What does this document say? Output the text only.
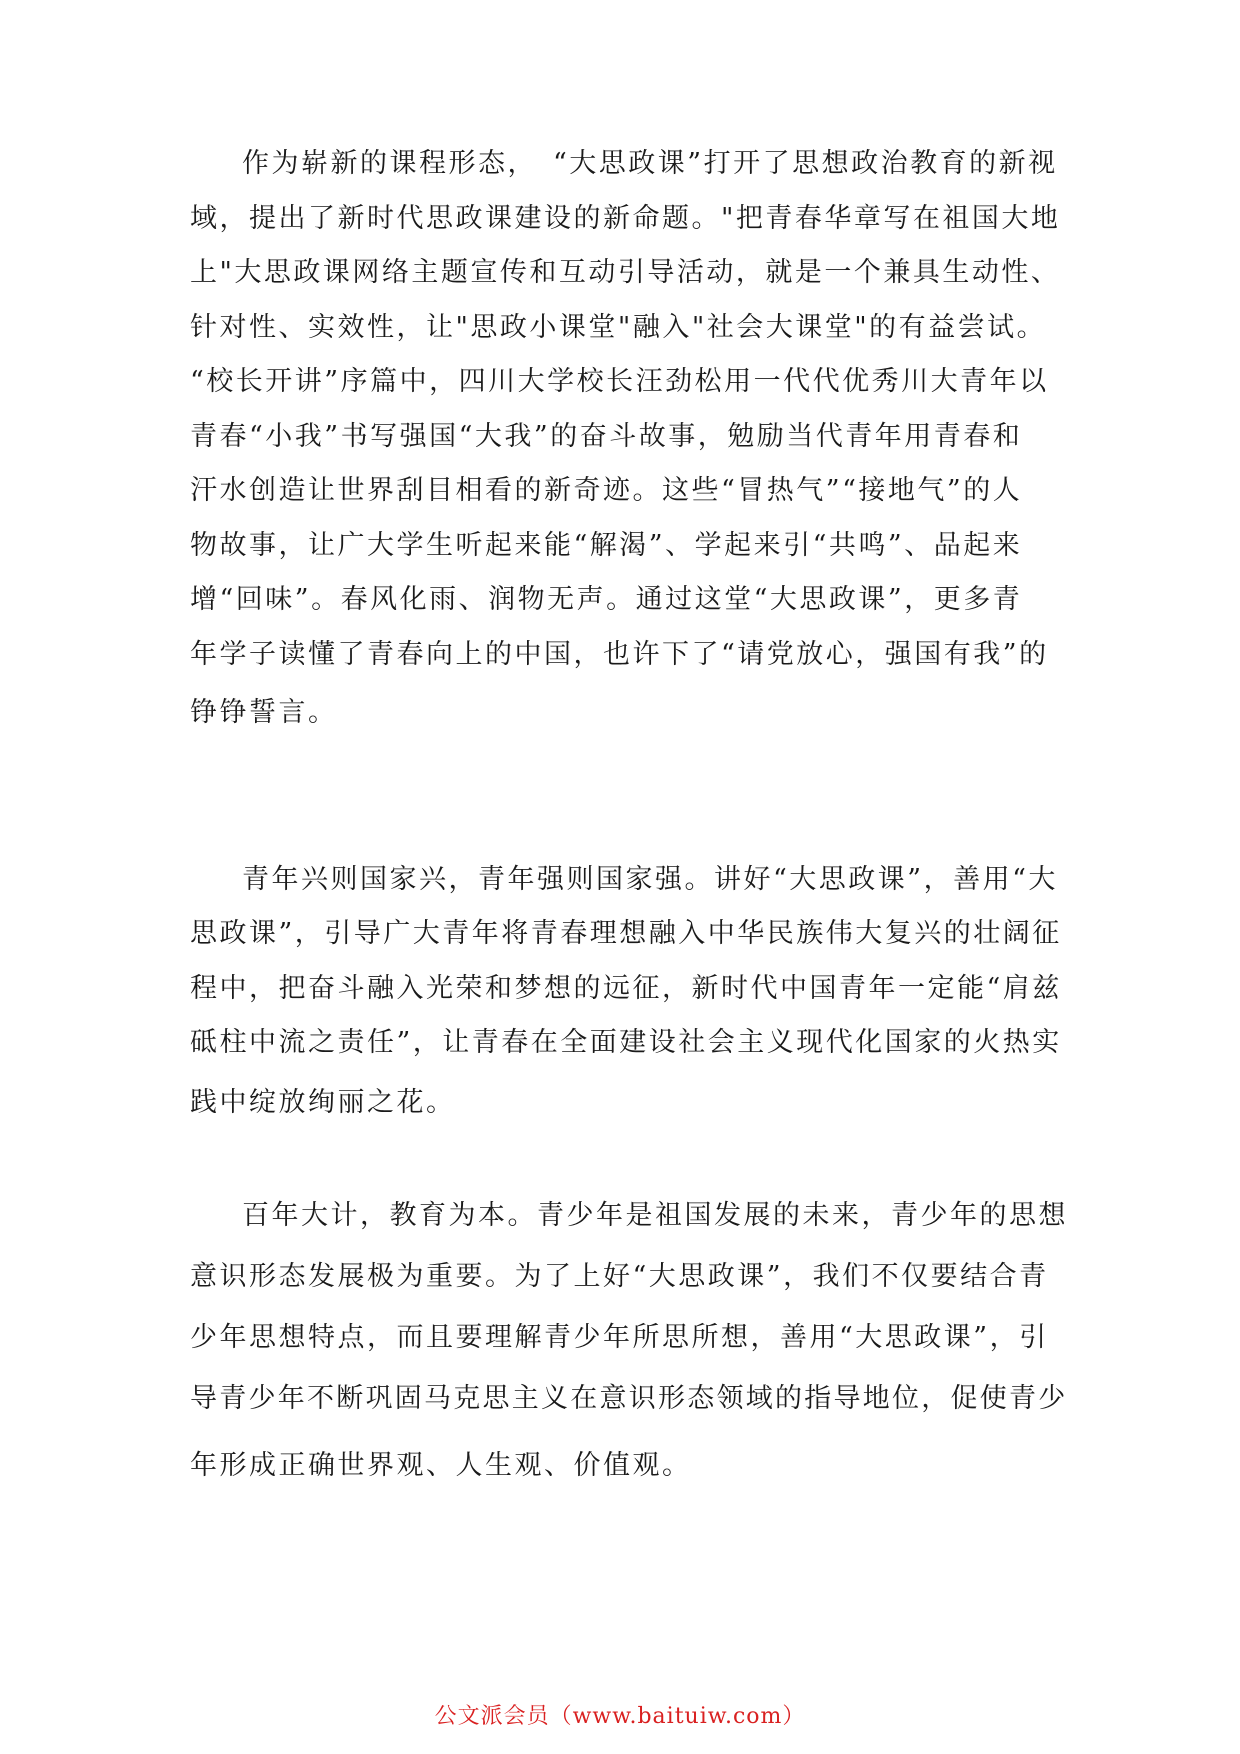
作为崭新的课程形态，　“大思政课”打开了思想政治教育的新视
域，提出了新时代思政课建设的新命题。"把青春华章写在祖国大地
上"大思政课网络主题宣传和互动引导活动，就是一个兼具生动性、
针对性、实效性，让"思政小课堂"融入"社会大课堂"的有益尝试。
“校长开讲”序篇中，四川大学校长汪劲松用一代代优秀川大青年以
青春“小我”书写强国“大我”的奋斗故事，勉励当代青年用青春和
汗水创造让世界刮目相看的新奇迹。这些“冒热气”“接地气”的人
物故事，让广大学生听起来能“解渴”、学起来引“共鸣”、品起来
增“回味”。春风化雨、润物无声。通过这堂“大思政课”，更多青
年学子读懂了青春向上的中国，也许下了“请党放心，强国有我”的
铮铮誓言。
青年兴则国家兴，青年强则国家强。讲好“大思政课”，善用“大
思政课”，引导广大青年将青春理想融入中华民族伟大复兴的壮阔征
程中，把奋斗融入光荣和梦想的远征，新时代中国青年一定能“肩兹
砥柱中流之责任”，让青春在全面建设社会主义现代化国家的火热实
践中绽放绚丽之花。
百年大计，教育为本。青少年是祖国发展的未来，青少年的思想
意识形态发展极为重要。为了上好“大思政课”，我们不仅要结合青
少年思想特点，而且要理解青少年所思所想，善用“大思政课”，引
导青少年不断巩固马克思主义在意识形态领域的指导地位，促使青少
年形成正确世界观、人生观、价值观。
公文派会员（www.baituiw.com）
